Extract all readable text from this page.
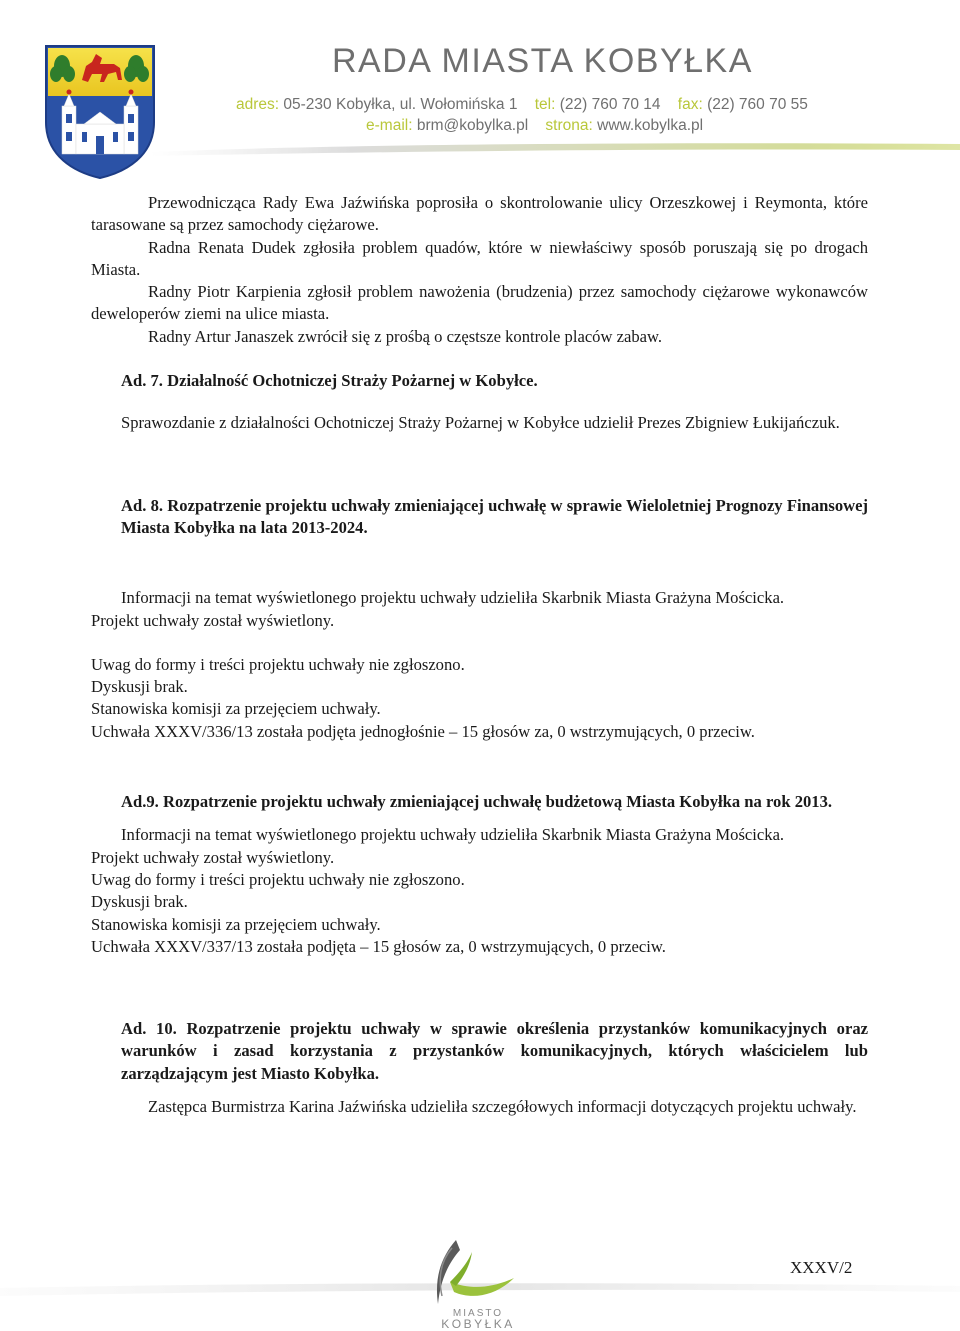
RADA MIASTA KOBYŁKA
adres: 05-230 Kobyłka, ul. Wołomińska 1 tel: (22) 760 70 14 fax: (22) 760 70 55
e-mail: brm@kobylka.pl strona: www.kobylka.pl

Przewodnicząca Rady Ewa Jaźwińska poprosiła o skontrolowanie ulicy Orzeszkowej i Reymonta, które tarasowane są przez samochody ciężarowe.

Radna Renata Dudek zgłosiła problem quadów, które w niewłaściwy sposób poruszają się po drogach Miasta.

Radny Piotr Karpienia zgłosił problem nawożenia (brudzenia) przez samochody ciężarowe wykonawców deweloperów ziemi na ulice miasta.

Radny Artur Janaszek zwrócił się z prośbą o częstsze kontrole placów zabaw.

Ad. 7. Działalność Ochotniczej Straży Pożarnej w Kobyłce.

Sprawozdanie z działalności Ochotniczej Straży Pożarnej w Kobyłce udzielił Prezes Zbigniew Łukijańczuk.

Ad. 8. Rozpatrzenie projektu uchwały zmieniającej uchwałę w sprawie Wieloletniej Prognozy Finansowej Miasta Kobyłka na lata 2013-2024.

Informacji na temat wyświetlonego projektu uchwały udzieliła Skarbnik Miasta Grażyna Mościcka.

Projekt uchwały został wyświetlony.

Uwag do formy i treści projektu uchwały nie zgłoszono.

Dyskusji brak.

Stanowiska komisji za przejęciem uchwały.

Uchwała XXXV/336/13 została podjęta jednogłośnie – 15 głosów za, 0 wstrzymujących, 0 przeciw.

Ad.9. Rozpatrzenie projektu uchwały zmieniającej uchwałę budżetową Miasta Kobyłka na rok 2013.

Informacji na temat wyświetlonego projektu uchwały udzieliła Skarbnik Miasta Grażyna Mościcka.

Projekt uchwały został wyświetlony.

Uwag do formy i treści projektu uchwały nie zgłoszono.

Dyskusji brak.

Stanowiska komisji za przejęciem uchwały.

Uchwała XXXV/337/13 została podjęta – 15 głosów za, 0 wstrzymujących, 0 przeciw.

Ad. 10. Rozpatrzenie projektu uchwały w sprawie określenia przystanków komunikacyjnych oraz warunków i zasad korzystania z przystanków komunikacyjnych, których właścicielem lub zarządzającym jest Miasto Kobyłka.

Zastępca Burmistrza Karina Jaźwińska udzieliła szczegółowych informacji dotyczących projektu uchwały.

MIASTO
KOBYŁKA
XXXV/2
